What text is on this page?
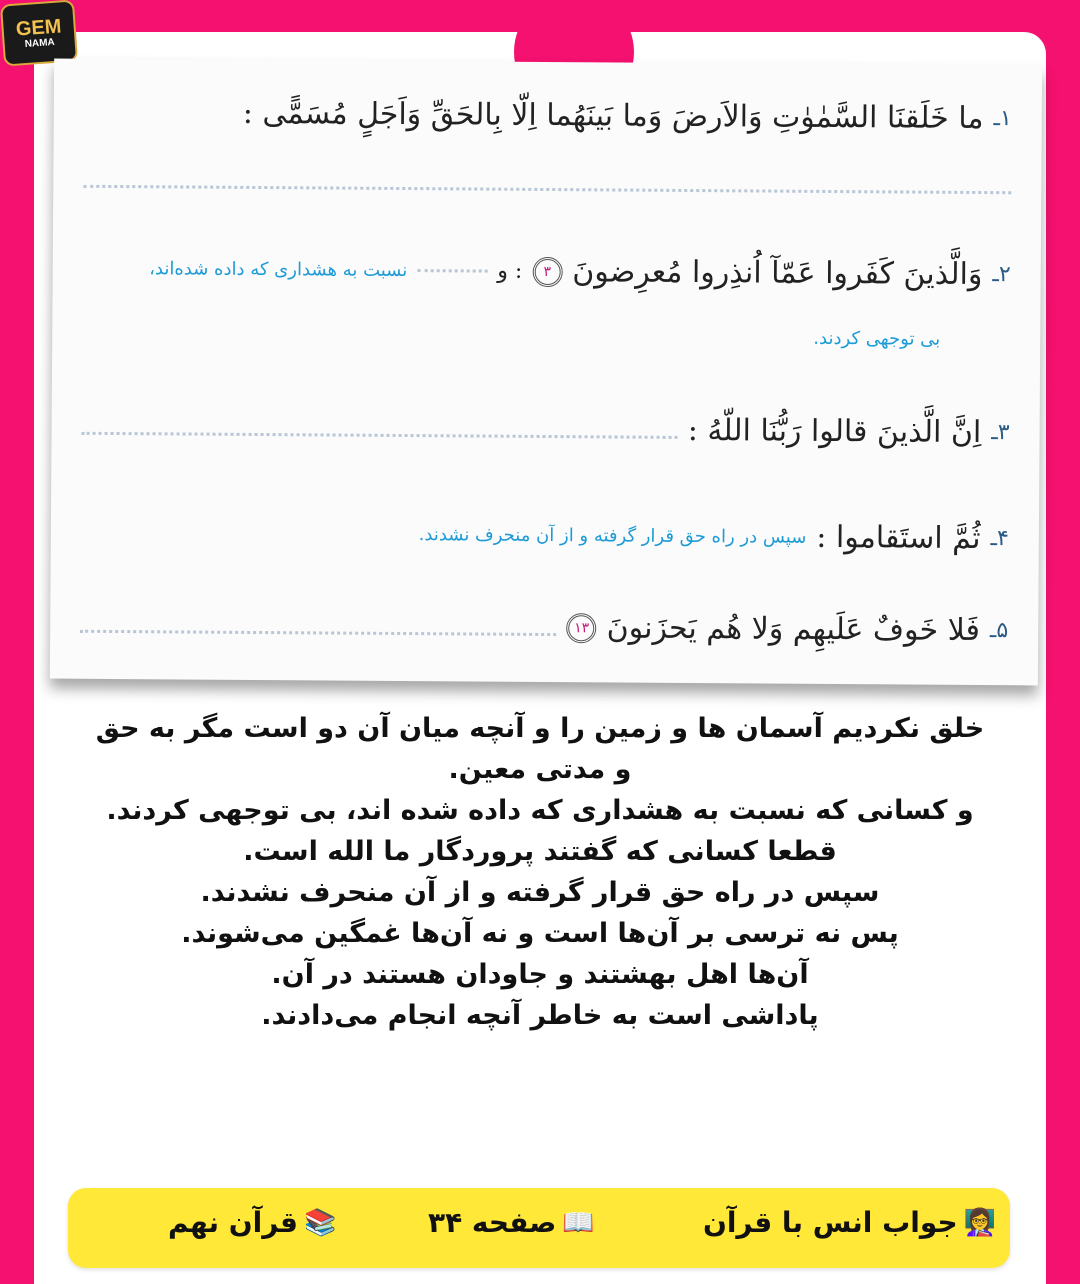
GEM
NAMA
۱ـ
ما خَلَقنَا السَّمٰوٰتِ وَالاَرضَ وَما بَینَهُما اِلّا بِالحَقِّ وَاَجَلٍ مُسَمًّی :
۲ـ
وَالَّذینَ کَفَروا عَمّآ اُنذِروا مُعرِضونَ
۳
: و
نسبت به هشداری که داده شده‌اند،
بی توجهی کردند.
۳ـ
اِنَّ الَّذینَ قالوا رَبُّنَا اللّهُ :
۴ـ
ثُمَّ استَقاموا :
سپس در راه حق قرار گرفته و از آن منحرف نشدند.
۵ـ
فَلا خَوفٌ عَلَیهِم وَلا هُم یَحزَنونَ
۱۳
خلق نکردیم آسمان ها و زمین را و آنچه میان آن دو است مگر به حق
و مدتی معین.
و کسانی که نسبت به هشداری که داده شده اند، بی توجهی کردند.
قطعا کسانی که گفتند پروردگار ما الله است.
سپس در راه حق قرار گرفته و از آن منحرف نشدند.
پس نه ترسی بر آن‌ها است و نه آن‌ها غمگین می‌شوند.
آن‌ها اهل بهشتند و جاودان هستند در آن.
پاداشی است به خاطر آنچه انجام می‌دادند.
👩‍🏫
جواب انس با قرآن
📖
صفحه ۳۴
📚
قرآن نهم
